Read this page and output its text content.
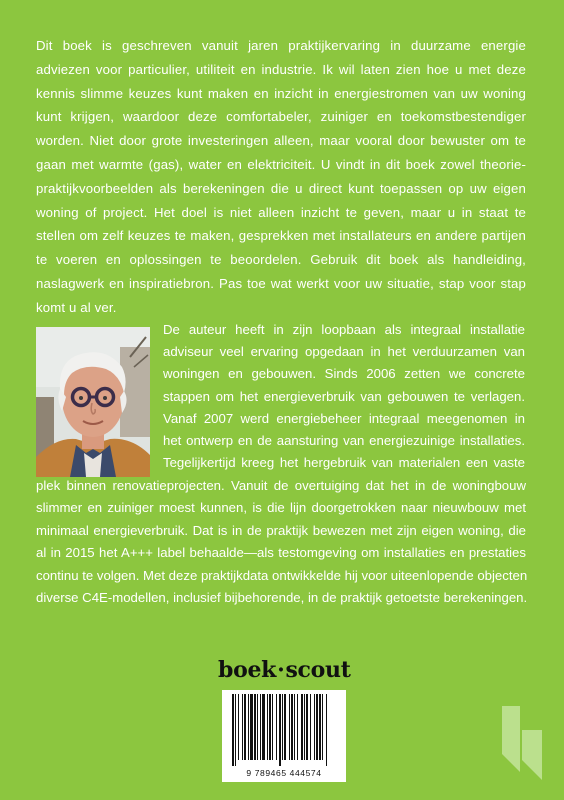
Dit boek is geschreven vanuit jaren praktijkervaring in duurzame energie adviezen voor particulier, utiliteit en industrie. Ik wil laten zien hoe u met deze kennis slimme keuzes kunt maken en inzicht in energiestromen van uw woning kunt krijgen, waardoor deze comfortabeler, zuiniger en toekomstbestendiger worden. Niet door grote investeringen alleen, maar vooral door bewuster om te gaan met warmte (gas), water en elektriciteit. U vindt in dit boek zowel theorie- praktijkvoorbeelden als berekeningen die u direct kunt toepassen op uw eigen woning of project. Het doel is niet alleen inzicht te geven, maar u in staat te stellen om zelf keuzes te maken, gesprekken met installateurs en andere partijen te voeren en oplossingen te beoordelen. Gebruik dit boek als handleiding, naslagwerk en inspiratiebron. Pas toe wat werkt voor uw situatie, stap voor stap komt u al ver.

De auteur heeft in zijn loopbaan als integraal installatie
adviseur veel ervaring opgedaan in het verduurzamen van
woningen en gebouwen. Sinds 2006 zetten we concrete
stappen om het energieverbruik van gebouwen te verlagen.
Vanaf 2007 werd energiebeheer integraal meegenomen in
het ontwerp en de aansturing van energiezuinige installaties.
Tegelijkertijd kreeg het hergebruik van materialen een vaste
plek binnen renovatieprojecten. Vanuit de overtuiging dat het in de woningbouw
slimmer en zuiniger moest kunnen, is die lijn doorgetrokken naar nieuwbouw met
minimaal energieverbruik. Dat is in de praktijk bewezen met zijn eigen woning, die
al in 2015 het A+++ label behaalde—als testomgeving om installaties en prestaties
continu te volgen. Met deze praktijkdata ontwikkelde hij voor uiteenlopende objecten
diverse C4E-modellen, inclusief bijbehorende, in de praktijk getoetste berekeningen.
boek·scout
9 789465 444574
